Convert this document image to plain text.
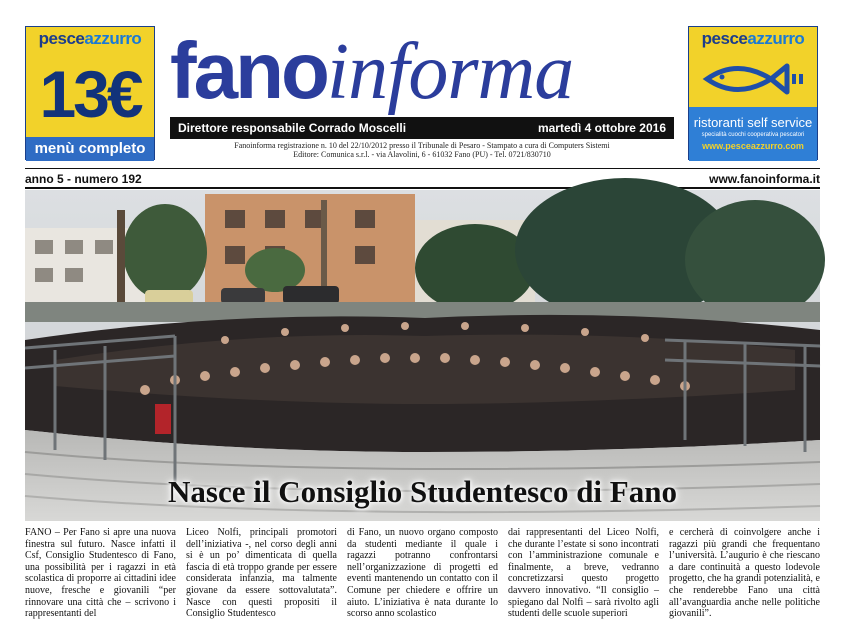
pesceazzurro
13€
menù completo
fanoinforma
Direttore responsabile Corrado Moscelli	martedì 4 ottobre 2016
Fanoinforma registrazione n. 10 del 22/10/2012 presso il Tribunale di Pesaro - Stampato a cura di Computers Sistemi
Editore: Comunica s.r.l. - via Alavolini, 6 - 61032 Fano (PU) - Tel. 0721/830710
pesceazzurro
ristoranti self service
specialità cuochi cooperativa pescatori
www.pesceazzurro.com
anno 5 - numero 192	www.fanoinforma.it
Nasce il Consiglio Studentesco di Fano
FANO – Per Fano si apre una nuova finestra sul futuro. Nasce infatti il Csf, Consiglio Studentesco di Fano, una possibilità per i ragazzi in età scolastica di proporre ai cittadini idee nuove, fresche e giovanili “per rinnovare una città che – scrivono i rappresentanti del
Liceo Nolfi, principali promotori dell’iniziativa -, nel corso degli anni si è un po’ dimenticata di quella fascia di età troppo grande per essere considerata infanzia, ma talmente giovane da essere sottovalutata”. Nasce con questi propositi il Consiglio Studentesco
di Fano, un nuovo organo composto da studenti mediante il quale i ragazzi potranno confrontarsi nell’organizzazione di progetti ed eventi mantenendo un contatto con il Comune per chiedere e offrire un aiuto. L’iniziativa è nata durante lo scorso anno scolastico
dai rappresentanti del Liceo Nolfi, che durante l’estate si sono incontrati con l’amministrazione comunale e finalmente, a breve, vedranno concretizzarsi questo progetto davvero innovativo. “Il consiglio – spiegano dal Nolfi – sarà rivolto agli studenti delle scuole superiori
e cercherà di coinvolgere anche i ragazzi più grandi che frequentano l’università. L’augurio è che riescano a dare continuità a questo lodevole progetto, che ha grandi potenzialità, e che renderebbe Fano una città all’avanguardia anche nelle politiche giovanili”.
